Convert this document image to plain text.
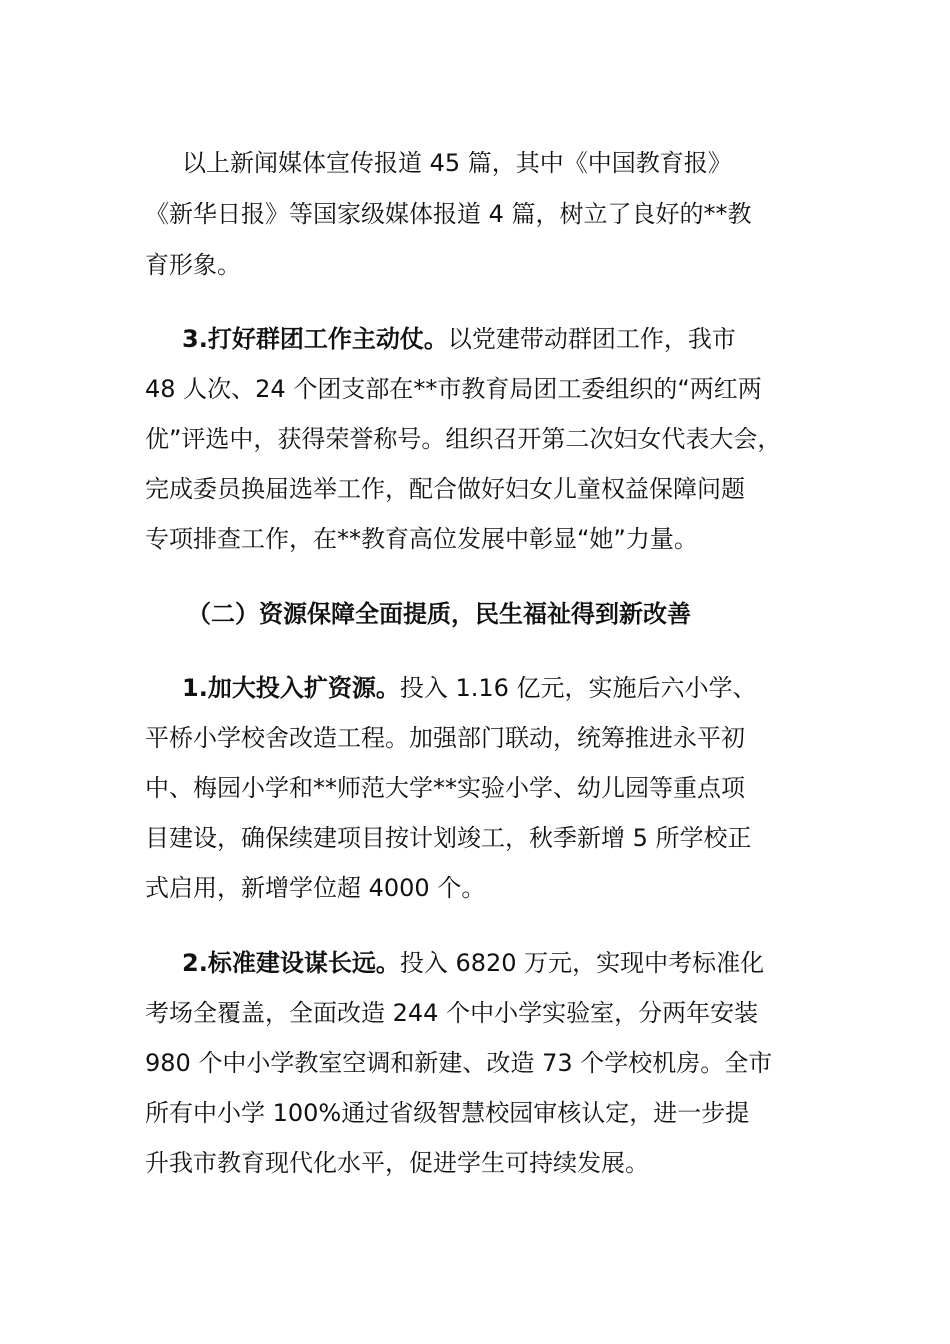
以上新闻媒体宣传报道 45 篇，其中《中国教育报》
《新华日报》等国家级媒体报道 4 篇，树立了良好的**教
育形象。
3.打好群团工作主动仗。以党建带动群团工作，我市
48 人次、24 个团支部在**市教育局团工委组织的“两红两
优”评选中，获得荣誉称号。组织召开第二次妇女代表大会，
完成委员换届选举工作，配合做好妇女儿童权益保障问题
专项排查工作，在**教育高位发展中彰显“她”力量。
（二）资源保障全面提质，民生福祉得到新改善
1.加大投入扩资源。投入 1.16 亿元，实施后六小学、
平桥小学校舍改造工程。加强部门联动，统筹推进永平初
中、梅园小学和**师范大学**实验小学、幼儿园等重点项
目建设，确保续建项目按计划竣工，秋季新增 5 所学校正
式启用，新增学位超 4000 个。
2.标准建设谋长远。投入 6820 万元，实现中考标准化
考场全覆盖，全面改造 244 个中小学实验室，分两年安装
980 个中小学教室空调和新建、改造 73 个学校机房。全市
所有中小学 100%通过省级智慧校园审核认定，进一步提
升我市教育现代化水平，促进学生可持续发展。
